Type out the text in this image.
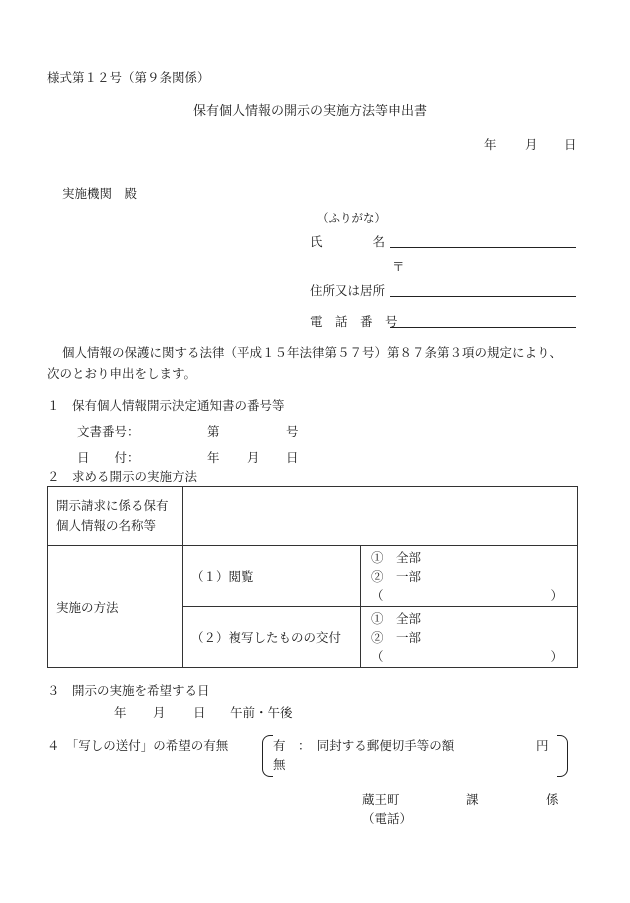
様式第１２号（第９条関係）
保有個人情報の開示の実施方法等申出書
年 月 日
実施機関　殿
（ふりがな）
氏　　　　名
〒
住所又は居所
電　話　番　号
個人情報の保護に関する法律（平成１５年法律第５７号）第８７条第３項の規定により、
次のとおり申出をします。
１　保有個人情報開示決定通知書の番号等
文書番号：	第	号
日　　付：	年 月 日
２　求める開示の実施方法
開示請求に係る保有
個人情報の名称等		

実施の方法	（１）閲覧	①　全部
②　一部
（ ）

	（２）複写したものの交付	①　全部
②　一部
（ ）
３　開示の実施を希望する日
年 月 日 午前・午後
４　「写しの送付」の希望の有無	有　：　同封する郵便切手等の額	円
無
蔵王町	課	係
（電話）
